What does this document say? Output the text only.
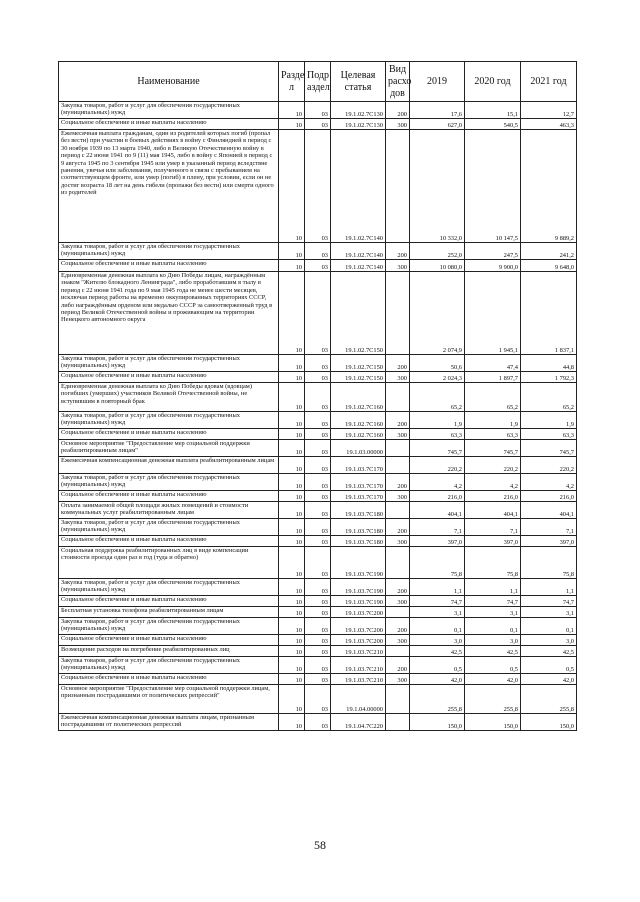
Наименование	Разде л	Подр аздел	Целевая статья	Вид расхо дов	2019	2020 год	2021 год
Закупка товаров, работ и услуг для обеспечения государственных (муниципальных) нужд	10	03	19.1.02.7С130	200	17,6	15,1	12,7
Социальное обеспечение и иные выплаты населению	10	03	19.1.02.7С130	300	627,0	540,5	463,3
Ежемесячная выплата гражданам, один из родителей которых погиб (пропал без вести) при участии в боевых действиях в войну с Финляндией в период с 30 ноября 1939 по 13 марта 1940, либо в Великую Отечественную войну в период с 22 июня 1941 по 9 (11) мая 1945, либо в войну с Японией в период с 9 августа 1945 по 3 сентября 1945 или умер в указанный период вследствие ранения, увечья или заболевания, полученного в связи с пребыванием на соответствующем фронте, или умер (погиб) в плену, при условии, если он не достиг возраста 18 лет на день гибели (пропажи без вести) или смерти одного из родителей	10	03	19.1.02.7С140		10 332,0	10 147,5	9 889,2
Закупка товаров, работ и услуг для обеспечения государственных (муниципальных) нужд	10	03	19.1.02.7С140	200	252,0	247,5	241,2
Социальное обеспечение и иные выплаты населению	10	03	19.1.02.7С140	300	10 080,0	9 900,0	9 648,0
Единовременная денежная выплата ко Дню Победы лицам, награждённым знаком "Жителю блокадного Ленинграда", либо проработавшим в тылу в период с 22 июня 1941 года по 9 мая 1945 года не менее шести месяцев, исключая период работы на временно оккупированных территориях СССР, либо награждённым орденом или медалью СССР за самоотверженный труд в период Великой Отечественной войны и проживающим на территории Ненецкого автономного округа	10	03	19.1.02.7С150		2 074,9	1 945,1	1 837,1
Закупка товаров, работ и услуг для обеспечения государственных (муниципальных) нужд	10	03	19.1.02.7С150	200	50,6	47,4	44,8
Социальное обеспечение и иные выплаты населению	10	03	19.1.02.7С150	300	2 024,3	1 897,7	1 792,3
Единовременная денежная выплата ко Дню Победы вдовам (вдовцам) погибших (умерших) участников Великой Отечественной войны, не вступившим в повторный брак	10	03	19.1.02.7С160		65,2	65,2	65,2
Закупка товаров, работ и услуг для обеспечения государственных (муниципальных) нужд	10	03	19.1.02.7С160	200	1,9	1,9	1,9
Социальное обеспечение и иные выплаты населению	10	03	19.1.02.7С160	300	63,3	63,3	63,3
Основное мероприятие "Предоставление мер социальной поддержки реабилитированным лицам"	10	03	19.1.03.00000		745,7	745,7	745,7
Ежемесячная компенсационная денежная выплата реабилитированным лицам	10	03	19.1.03.7С170		220,2	220,2	220,2
Закупка товаров, работ и услуг для обеспечения государственных (муниципальных) нужд	10	03	19.1.03.7С170	200	4,2	4,2	4,2
Социальное обеспечение и иные выплаты населению	10	03	19.1.03.7С170	300	216,0	216,0	216,0
Оплата занимаемой общей площади жилых помещений и стоимости коммунальных услуг реабилитированным лицам	10	03	19.1.03.7С180		404,1	404,1	404,1
Закупка товаров, работ и услуг для обеспечения государственных (муниципальных) нужд	10	03	19.1.03.7С180	200	7,1	7,1	7,1
Социальное обеспечение и иные выплаты населению	10	03	19.1.03.7С180	300	397,0	397,0	397,0
Социальная поддержка реабилитированных лиц в виде компенсации стоимости проезда один раз в год (туда и обратно)	10	03	19.1.03.7С190		75,8	75,8	75,8
Закупка товаров, работ и услуг для обеспечения государственных (муниципальных) нужд	10	03	19.1.03.7С190	200	1,1	1,1	1,1
Социальное обеспечение и иные выплаты населению	10	03	19.1.03.7С190	300	74,7	74,7	74,7
Бесплатная установка телефона реабилитированным лицам	10	03	19.1.03.7С200		3,1	3,1	3,1
Закупка товаров, работ и услуг для обеспечения государственных (муниципальных) нужд	10	03	19.1.03.7С200	200	0,1	0,1	0,1
Социальное обеспечение и иные выплаты населению	10	03	19.1.03.7С200	300	3,0	3,0	3,0
Возмещение расходов на погребение реабилитированных лиц	10	03	19.1.03.7С210		42,5	42,5	42,5
Закупка товаров, работ и услуг для обеспечения государственных (муниципальных) нужд	10	03	19.1.03.7С210	200	0,5	0,5	0,5
Социальное обеспечение и иные выплаты населению	10	03	19.1.03.7С210	300	42,0	42,0	42,0
Основное мероприятие "Предоставление мер социальной поддержки лицам, признанным пострадавшими от политических репрессий"	10	03	19.1.04.00000		255,8	255,8	255,8
Ежемесячная компенсационная денежная выплата лицам, признанным пострадавшими от политических репрессий	10	03	19.1.04.7С220		150,0	150,0	150,0
58
